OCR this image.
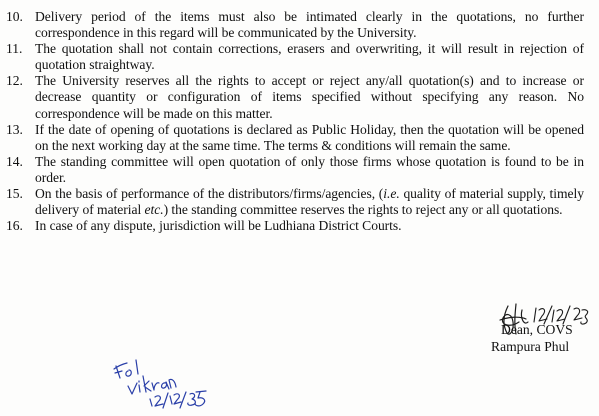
10. Delivery period of the items must also be intimated clearly in the quotations, no further correspondence in this regard will be communicated by the University.
11. The quotation shall not contain corrections, erasers and overwriting, it will result in rejection of quotation straightway.
12. The University reserves all the rights to accept or reject any/all quotation(s) and to increase or decrease quantity or configuration of items specified without specifying any reason. No correspondence will be made on this matter.
13. If the date of opening of quotations is declared as Public Holiday, then the quotation will be opened on the next working day at the same time. The terms & conditions will remain the same.
14. The standing committee will open quotation of only those firms whose quotation is found to be in order.
15. On the basis of performance of the distributors/firms/agencies, (i.e. quality of material supply, timely delivery of material etc.) the standing committee reserves the rights to reject any or all quotations.
16. In case of any dispute, jurisdiction will be Ludhiana District Courts.
Dean, COVS
Rampura Phul
